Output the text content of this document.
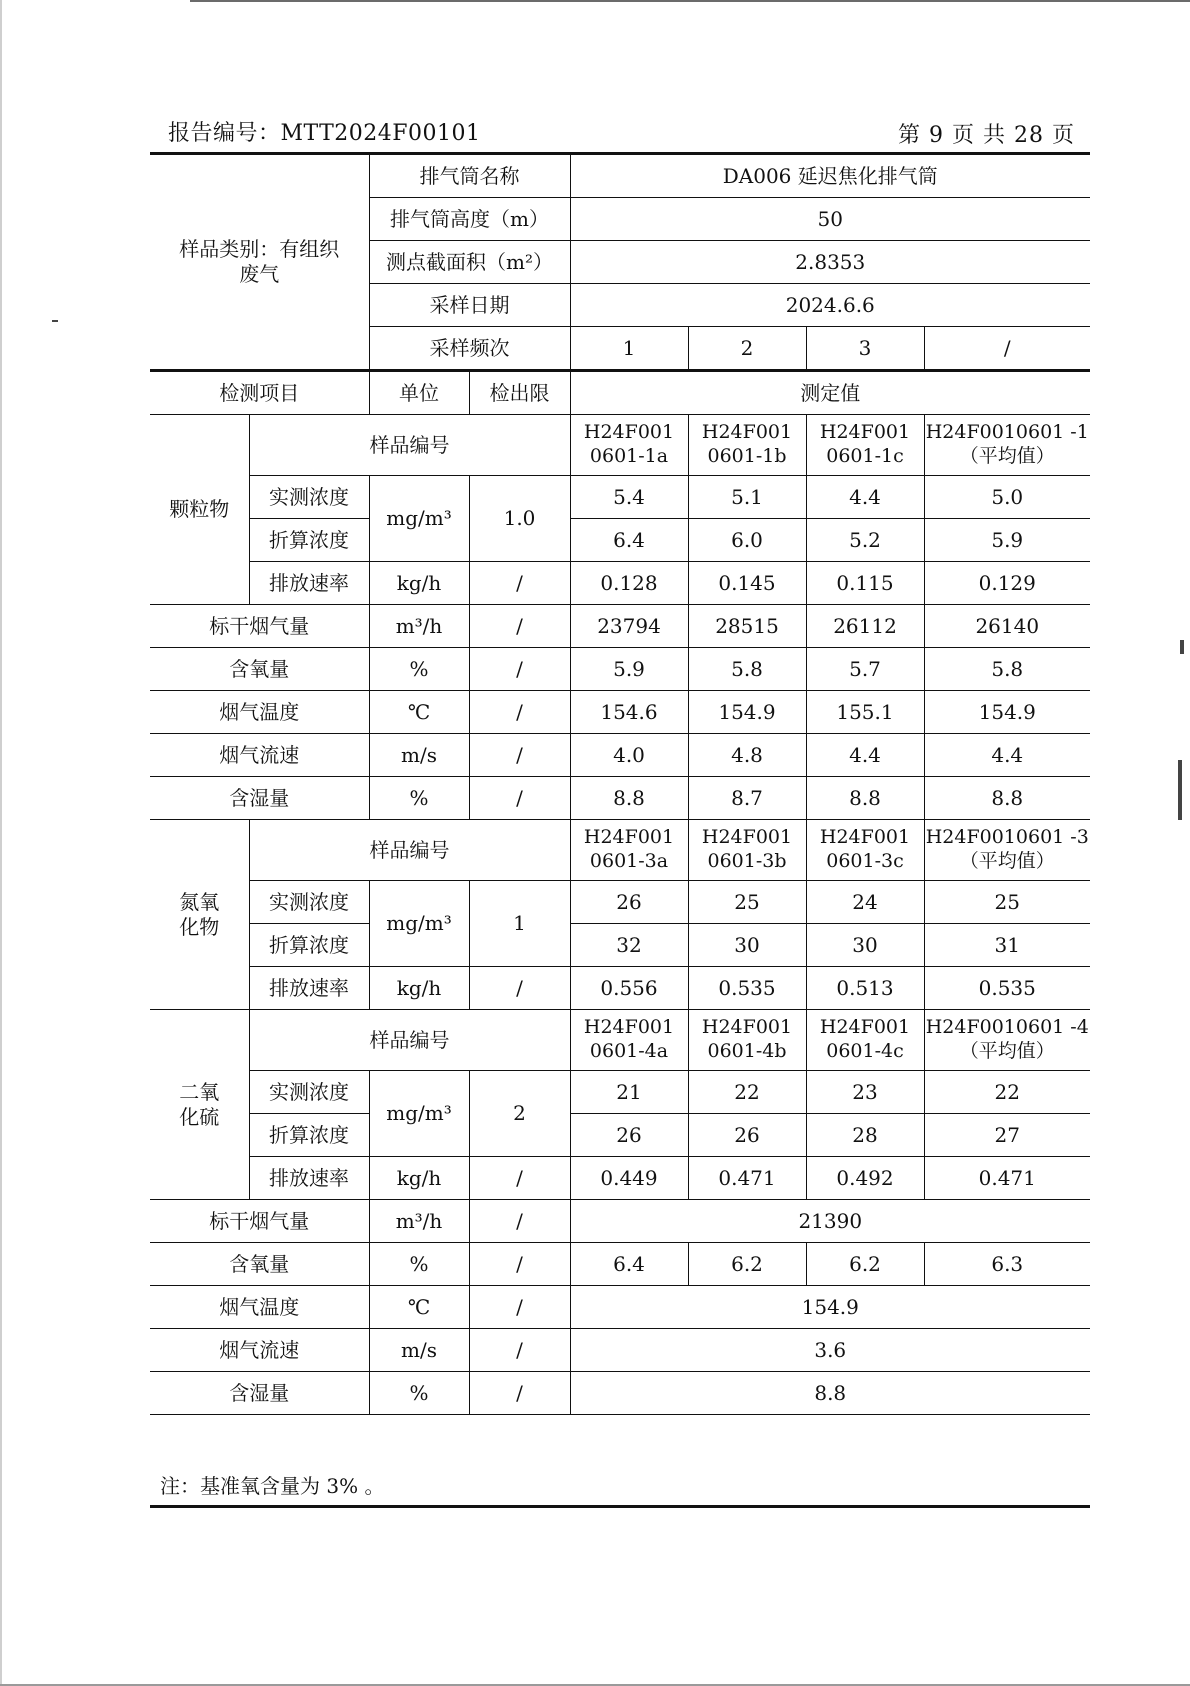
报告编号：MTT2024F00101	第 9 页 共 28 页
样品类别：有组织
废气		排气筒名称		DA006 延迟焦化排气筒			
		排气筒高度（m）		50			
		测点截面积（m²）		2.8353			
		采样日期		2024.6.6			
		采样频次		1	2	3	/
检测项目		单位	检出限	测定值			
颗粒物	样品编号			H24F001 0601-1a	H24F001 0601-1b	H24F001 0601-1c	H24F0010601 -1（平均值）
	实测浓度	mg/m³	1.0	5.4	5.1	4.4	5.0
	折算浓度			6.4	6.0	5.2	5.9
	排放速率	kg/h	/	0.128	0.145	0.115	0.129
标干烟气量		m³/h	/	23794	28515	26112	26140
含氧量		%	/	5.9	5.8	5.7	5.8
烟气温度		℃	/	154.6	154.9	155.1	154.9
烟气流速		m/s	/	4.0	4.8	4.4	4.4
含湿量		%	/	8.8	8.7	8.8	8.8
氮氧
化物	样品编号			H24F001 0601-3a	H24F001 0601-3b	H24F001 0601-3c	H24F0010601 -3（平均值）
	实测浓度	mg/m³	1	26	25	24	25
	折算浓度			32	30	30	31
	排放速率	kg/h	/	0.556	0.535	0.513	0.535
二氧
化硫	样品编号			H24F001 0601-4a	H24F001 0601-4b	H24F001 0601-4c	H24F0010601 -4（平均值）
	实测浓度	mg/m³	2	21	22	23	22
	折算浓度			26	26	28	27
	排放速率	kg/h	/	0.449	0.471	0.492	0.471
标干烟气量		m³/h	/	21390			
含氧量		%	/	6.4	6.2	6.2	6.3
烟气温度		℃	/	154.9			
烟气流速		m/s	/	3.6			
含湿量		%	/	8.8			
注：基准氧含量为 3% 。
